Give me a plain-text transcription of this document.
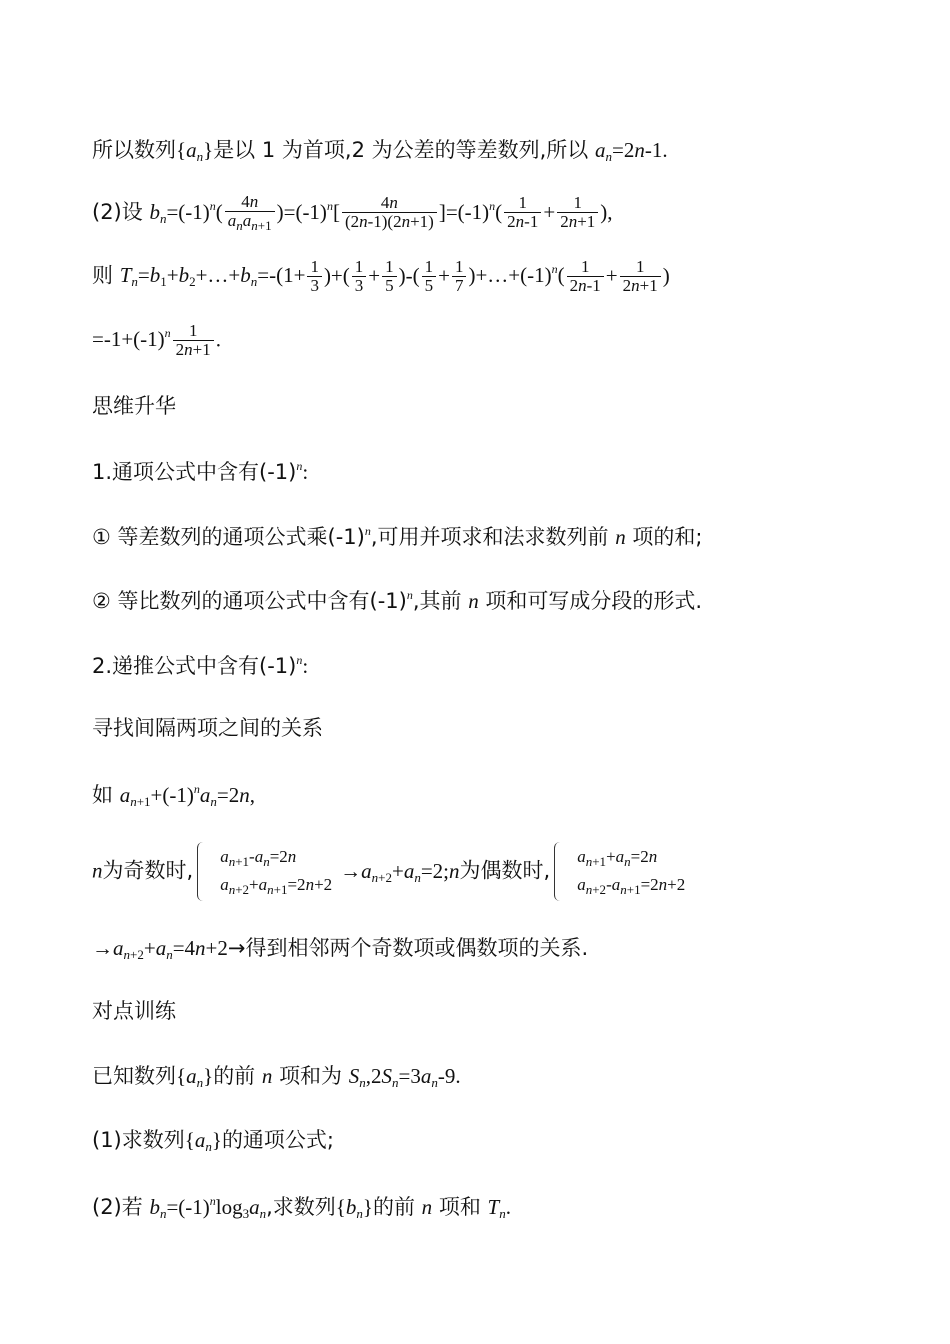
所以数列$\{a_n\}$是以 1 为首项,2 为公差的等差数列,所以 $a_n=2n-1$.
(2)设 $b_n=(-1)^n( \frac{4n}{a_na_{n+1}} )=(-1)^n[ \frac{4n}{(2n-1)(2n+1)} ]=(-1)^n( \frac{1}{2n-1} + \frac{1}{2n+1}$ ),
则 $T_n=b_1+b_2+\dots+b_n=-(1+ \frac{1}{3}$ )+( $\frac{1}{3} + \frac{1}{5}$ )-( $\frac{1}{5} + \frac{1}{7}$ )$+\dots+(-1)^n( \frac{1}{2n-1} + \frac{1}{2n+1}$ )
$=-1+(-1)^n \frac{1}{2n+1}$ .
思维升华
1.通项公式中含有$(-1)^n$:
① 等差数列的通项公式乘$(-1)^n$,可用并项求和法求数列前 n 项的和;
② 等比数列的通项公式中含有$(-1)^n$,其前 n 项和可写成分段的形式.
2.递推公式中含有$(-1)^n$:
寻找间隔两项之间的关系
如 $a_{n+1}+(-1)^na_n=2n$,
n为奇数时,
$a_{n+1}-a_n=2n$
$a_{n+2}+a_{n+1}=2n+2$
$\to a_{n+2}+a_n=2;n$为偶数时,
$a_{n+1}+a_n=2n$
$a_{n+2}-a_{n+1}=2n+2$
$\to a_{n+2}+a_n=4n+2\to$得到相邻两个奇数项或偶数项的关系.
对点训练
已知数列$\{a_n\}$的前 n 项和为 $S_n,2S_n=3a_n-9$.
(1)求数列$\{a_n\}$的通项公式;
(2)若 $b_n=(-1)^n\log_3a_n$,求数列$\{b_n\}$的前 n 项和 $T_n$.
